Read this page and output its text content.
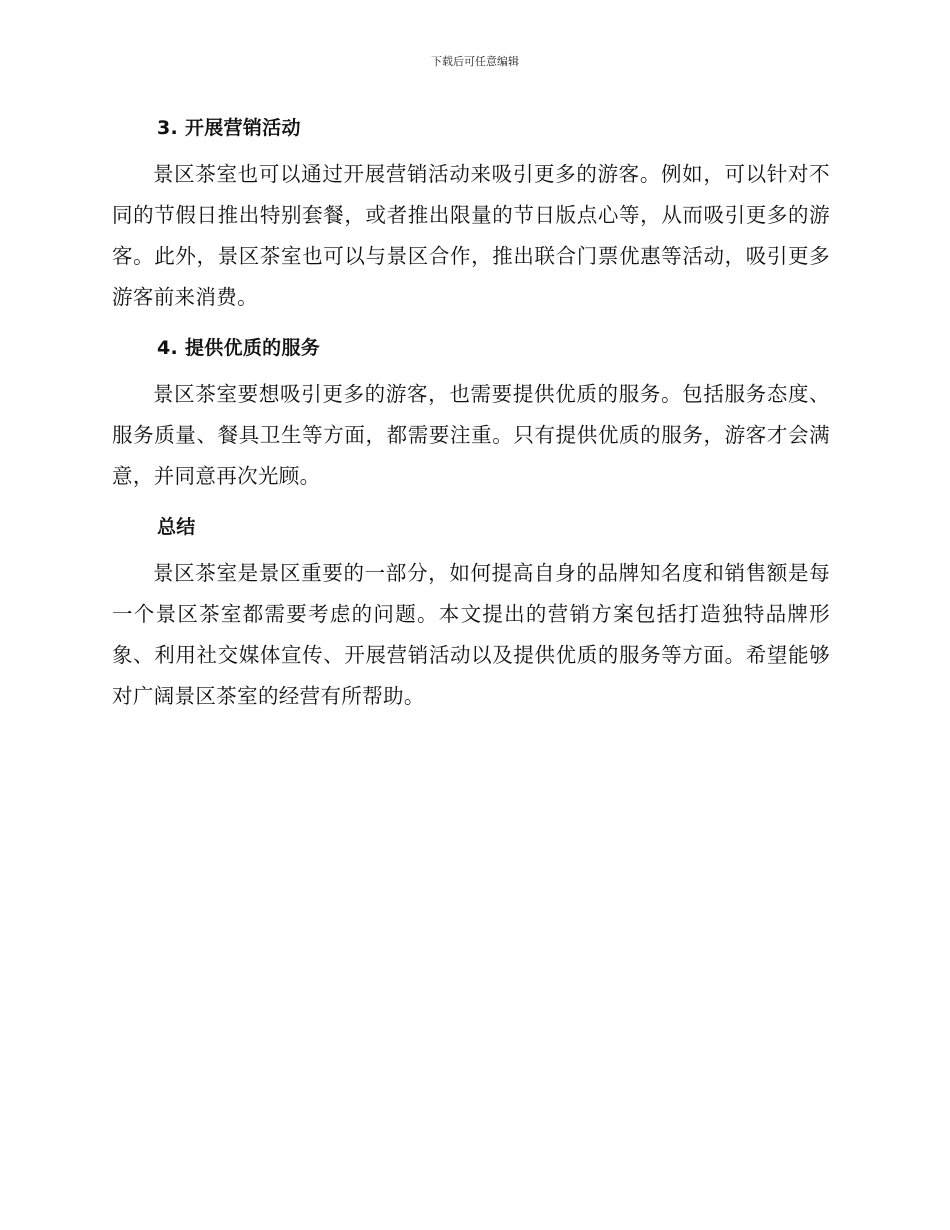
下载后可任意编辑
3. 开展营销活动

景区茶室也可以通过开展营销活动来吸引更多的游客。例如，可以针对不同的节假日推出特别套餐，或者推出限量的节日版点心等，从而吸引更多的游客。此外，景区茶室也可以与景区合作，推出联合门票优惠等活动，吸引更多游客前来消费。

4. 提供优质的服务

景区茶室要想吸引更多的游客，也需要提供优质的服务。包括服务态度、服务质量、餐具卫生等方面，都需要注重。只有提供优质的服务，游客才会满意，并同意再次光顾。

总结

景区茶室是景区重要的一部分，如何提高自身的品牌知名度和销售额是每一个景区茶室都需要考虑的问题。本文提出的营销方案包括打造独特品牌形象、利用社交媒体宣传、开展营销活动以及提供优质的服务等方面。希望能够对广阔景区茶室的经营有所帮助。
